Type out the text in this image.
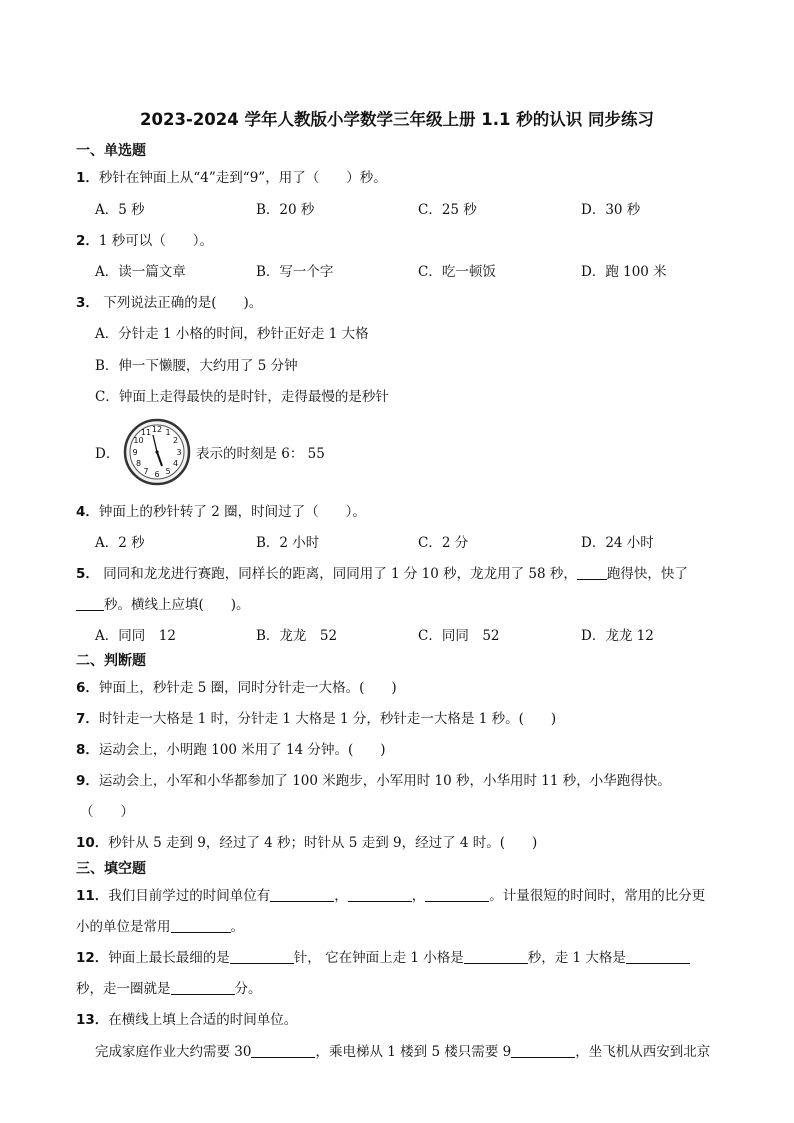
2023-2024 学年人教版小学数学三年级上册 1.1 秒的认识 同步练习
一、单选题
1．秒针在钟面上从“4”走到“9”，用了（　　）秒。
A．5 秒	B．20 秒	C．25 秒	D．30 秒
2．1 秒可以（　　）。
A．读一篇文章	B．写一个字	C．吃一顿饭	D．跑 100 米
3． 下列说法正确的是(　　)。
A．分针走 1 小格的时间，秒针正好走 1 大格
B．伸一下懒腰，大约用了 5 分钟
C．钟面上走得最快的是时针，走得最慢的是秒针
D．
12 1
2
3
4
5
6
7
8
9
10
11
表示的时刻是 6： 55
4．钟面上的秒针转了 2 圈，时间过了（　　）。
A．2 秒	B．2 小时	C．2 分	D．24 小时
5． 同同和龙龙进行赛跑，同样长的距离，同同用了 1 分 10 秒，龙龙用了 58 秒， 跑得快，快了
秒。横线上应填(　　)。
A．同同　12	B．龙龙　52	C．同同　52	D．龙龙 12
二、判断题
6．钟面上，秒针走 5 圈，同时分针走一大格。(　　)
7．时针走一大格是 1 时，分针走 1 大格是 1 分，秒针走一大格是 1 秒。(　　)
8．运动会上，小明跑 100 米用了 14 分钟。(　　)
9．运动会上，小军和小华都参加了 100 米跑步，小军用时 10 秒，小华用时 11 秒，小华跑得快。
（　　）
10．秒针从 5 走到 9，经过了 4 秒；时针从 5 走到 9，经过了 4 时。(　　)
三、填空题
11．我们目前学过的时间单位有	，	，	。计量很短的时间时，常用的比分更
小的单位是常用	。
12．钟面上最长最细的是	针， 它在钟面上走 1 小格是	秒，走 1 大格是
秒，走一圈就是	分。
13．在横线上填上合适的时间单位。
完成家庭作业大约需要 30	，乘电梯从 1 楼到 5 楼只需要 9	，坐飞机从西安到北京
